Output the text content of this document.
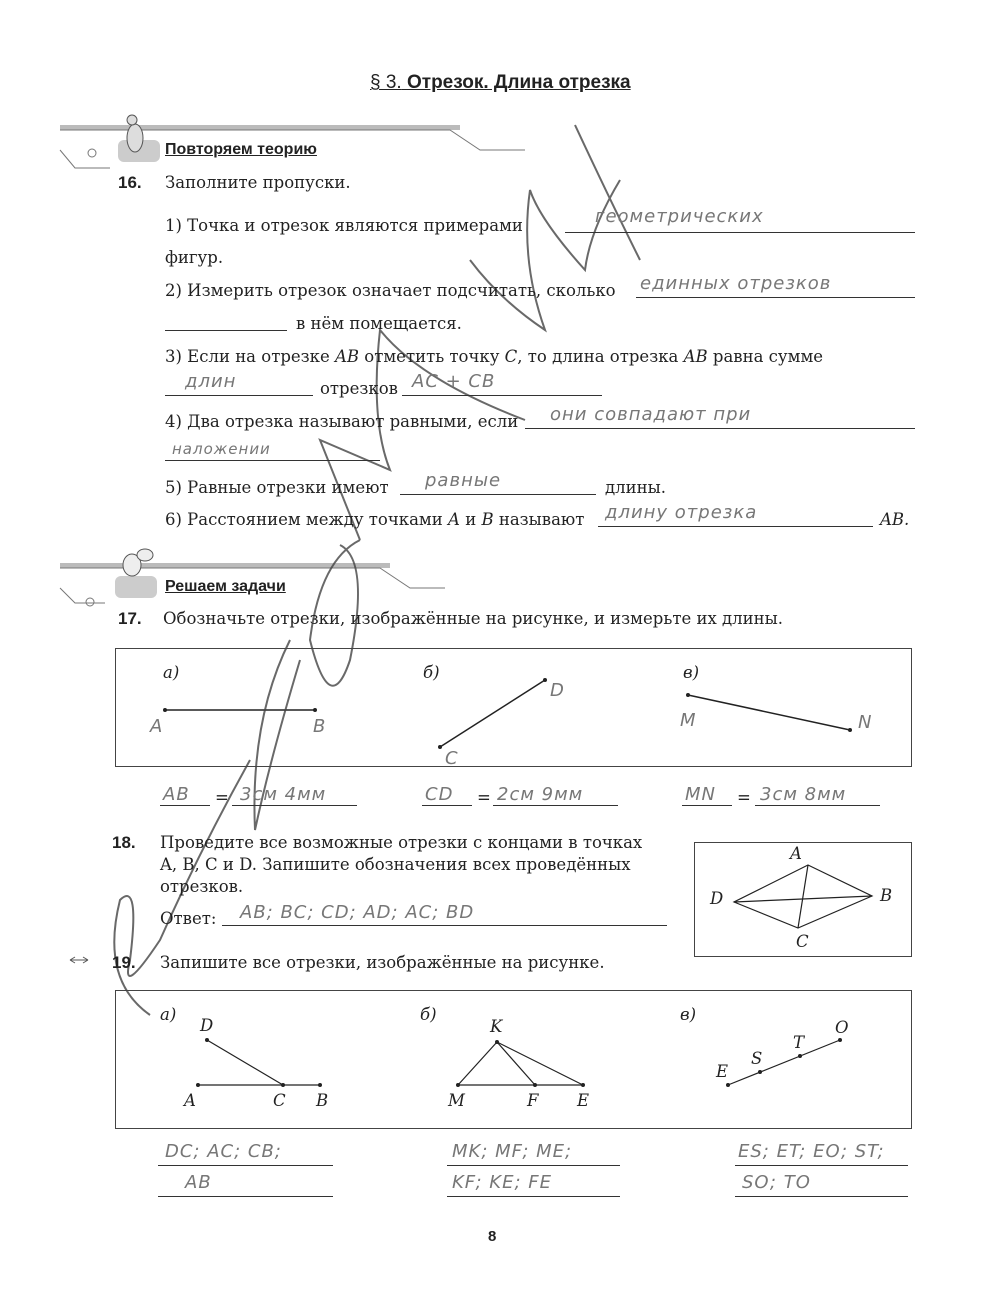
§ 3. Отрезок. Длина отрезка
Повторяем теорию
Решаем задачи
16. Заполните пропуски.
1) Точка и отрезок являются примерами	геометрических
фигур.
2) Измерить отрезок означает подсчитать, сколько единных отрезков
в нём помещается.
3) Если на отрезке AB отметить точку C, то длина отрезка AB равна сумме
длин	отрезков AC + CB
4) Два отрезка называют равными, если они совпадают при
наложении
5) Равные отрезки имеют равные	длины.
6) Расстоянием между точками A и B называют длину отрезка	AB.
17. Обозначьте отрезки, изображённые на рисунке, и измерьте их длины.
а)	б)	в)
A	B
C
D
M	N
AB = 3см 4мм	CD = 2см 9мм	MN = 3см 8мм
18. Проведите все возможные отрезки с концами в точках
A, B, C и D. Запишите обозначения всех проведённых
отрезков.
Ответ: AB; BC; CD; AD; AC; BD
A
B
C
D
19. Запишите все отрезки, изображённые на рисунке.
а)	б)	в)
D
A	C B
K
M	F E
E
S
T
O
DC; AC; CB;
AB
MK; MF; ME;
KF; KE; FE
ES; ET; EO; ST;
SO; TO
8
